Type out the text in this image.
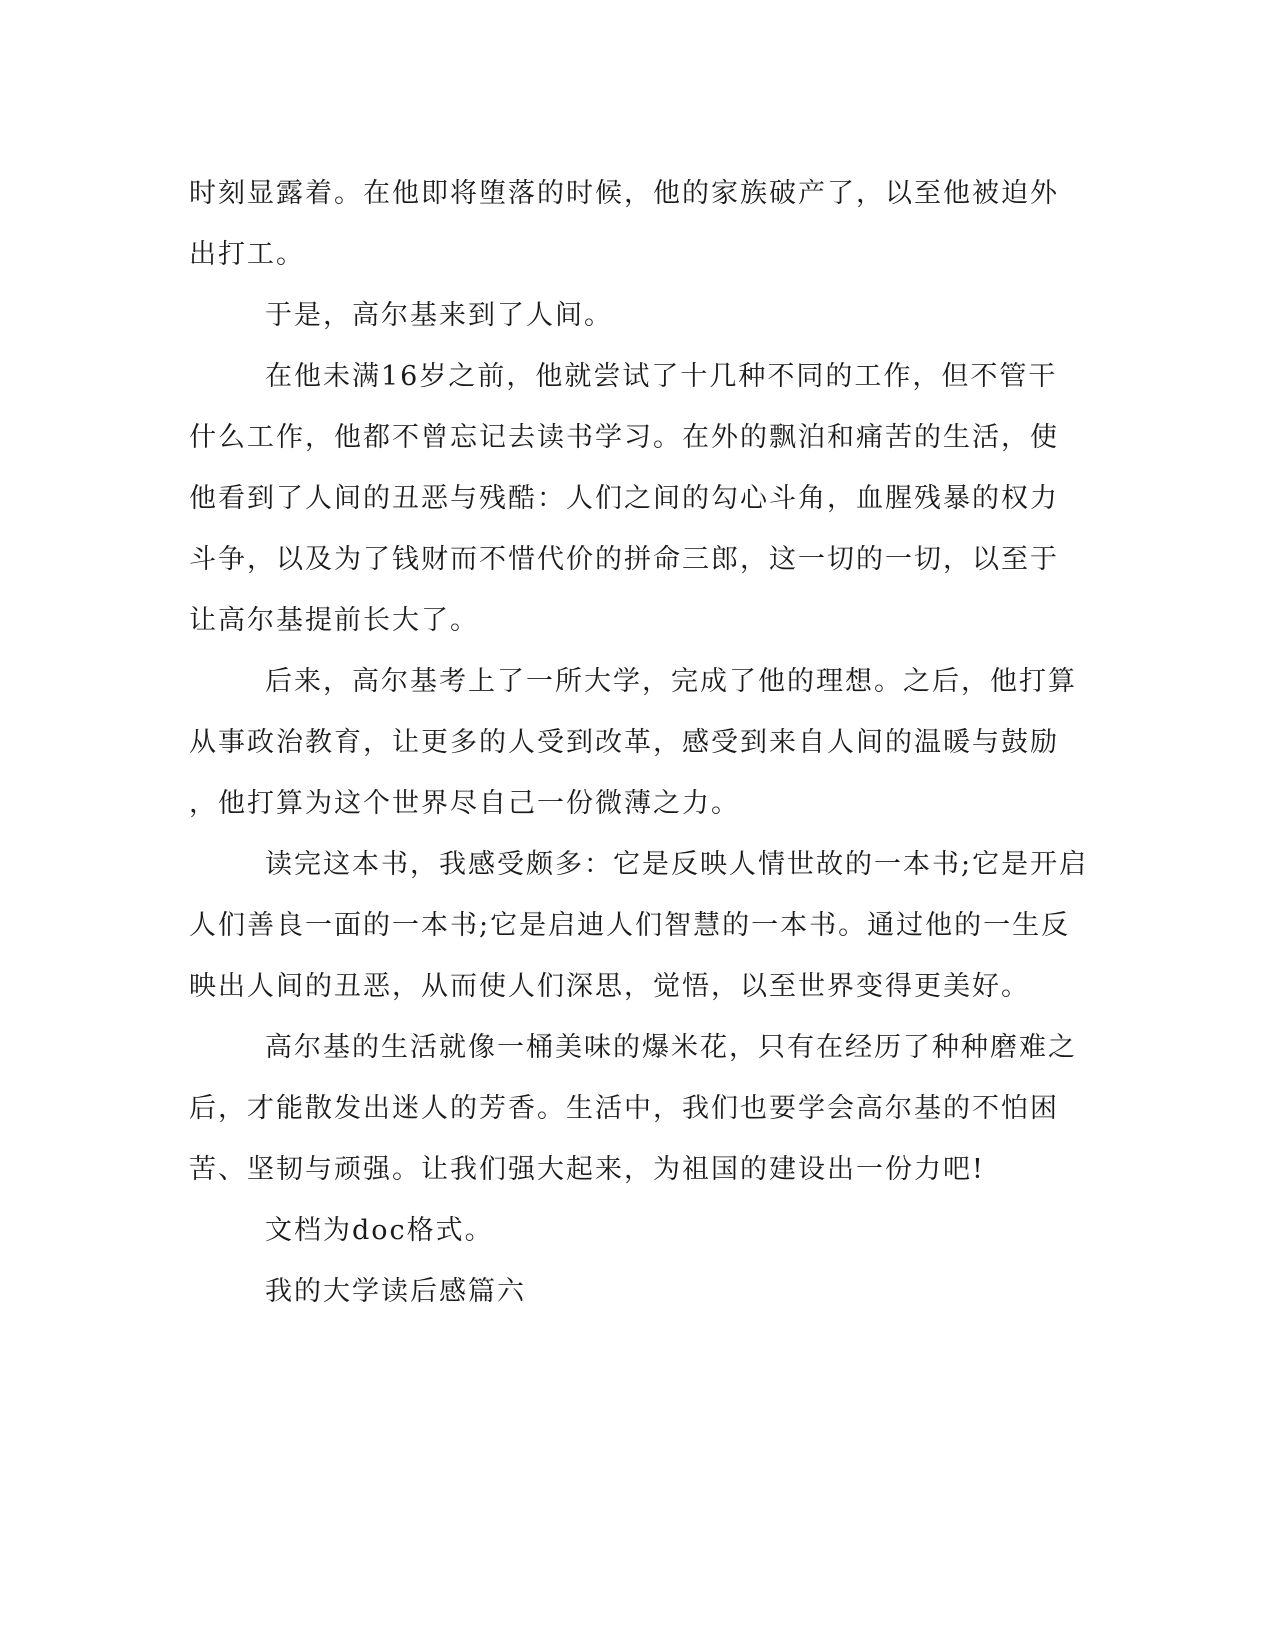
时刻显露着。在他即将堕落的时候，他的家族破产了，以至他被迫外
出打工。
于是，高尔基来到了人间。
在他未满16岁之前，他就尝试了十几种不同的工作，但不管干
什么工作，他都不曾忘记去读书学习。在外的飘泊和痛苦的生活，使
他看到了人间的丑恶与残酷：人们之间的勾心斗角，血腥残暴的权力
斗争，以及为了钱财而不惜代价的拼命三郎，这一切的一切，以至于
让高尔基提前长大了。
后来，高尔基考上了一所大学，完成了他的理想。之后，他打算
从事政治教育，让更多的人受到改革，感受到来自人间的温暖与鼓励
，他打算为这个世界尽自己一份微薄之力。
读完这本书，我感受颇多：它是反映人情世故的一本书;它是开启
人们善良一面的一本书;它是启迪人们智慧的一本书。通过他的一生反
映出人间的丑恶，从而使人们深思，觉悟，以至世界变得更美好。
高尔基的生活就像一桶美味的爆米花，只有在经历了种种磨难之
后，才能散发出迷人的芳香。生活中，我们也要学会高尔基的不怕困
苦、坚韧与顽强。让我们强大起来，为祖国的建设出一份力吧!
文档为doc格式。
我的大学读后感篇六
